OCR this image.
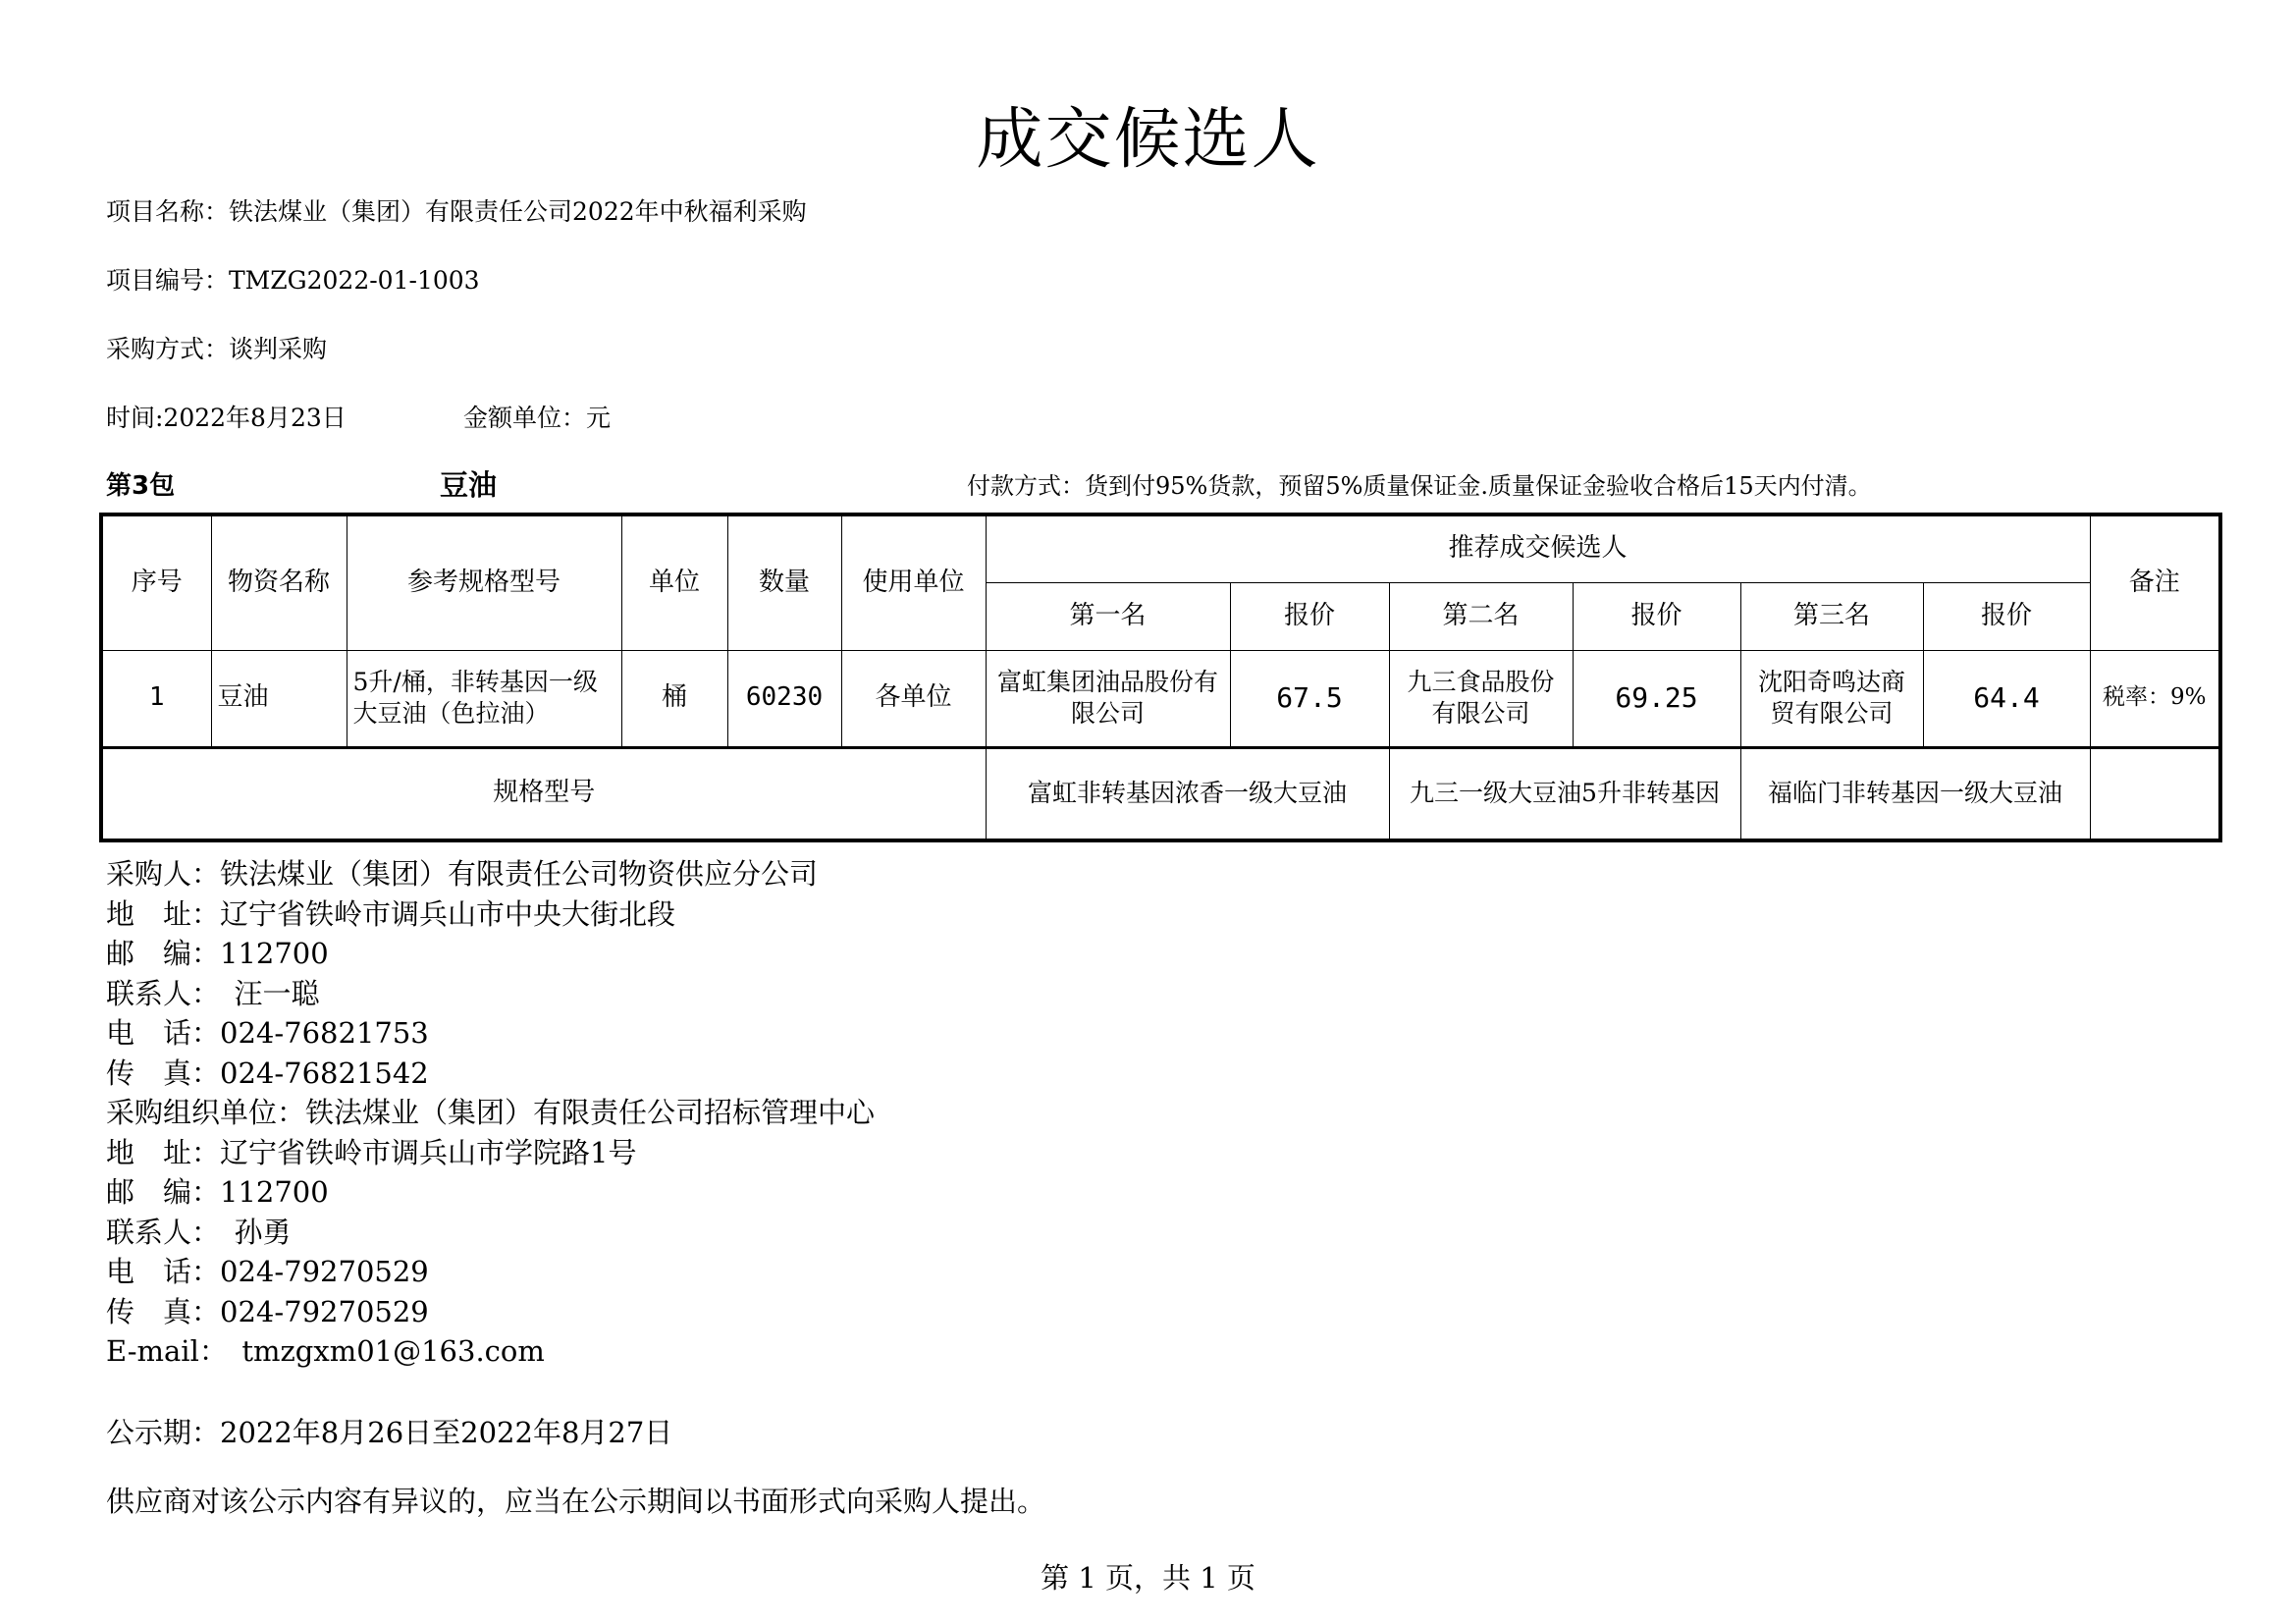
成交候选人
项目名称：铁法煤业（集团）有限责任公司2022年中秋福利采购
项目编号：TMZG2022-01-1003
采购方式：谈判采购
时间:2022年8月23日	金额单位：元
第3包	豆油	付款方式：货到付95%货款，预留5%质量保证金.质量保证金验收合格后15天内付清。
序号	物资名称	参考规格型号	单位	数量	使用单位	推荐成交候选人						备注
						第一名	报价	第二名	报价	第三名	报价	
1	豆油	5升/桶，非转基因一级大豆油（色拉油）	桶	60230	各单位	富虹集团油品股份有限公司	67.5	九三食品股份有限公司	69.25	沈阳奇鸣达商贸有限公司	64.4	税率：9%
规格型号						富虹非转基因浓香一级大豆油		九三一级大豆油5升非转基因		福临门非转基因一级大豆油		
采购人：铁法煤业（集团）有限责任公司物资供应分公司
地　址：辽宁省铁岭市调兵山市中央大街北段
邮　编：112700
联系人：　汪一聪
电　话：024-76821753
传　真：024-76821542
采购组织单位：铁法煤业（集团）有限责任公司招标管理中心
地　址：辽宁省铁岭市调兵山市学院路1号
邮　编：112700
联系人：　孙勇
电　话：024-79270529
传　真：024-79270529
E-mail：　tmzgxm01@163.com
公示期：2022年8月26日至2022年8月27日
供应商对该公示内容有异议的，应当在公示期间以书面形式向采购人提出。
第 1 页，共 1 页
